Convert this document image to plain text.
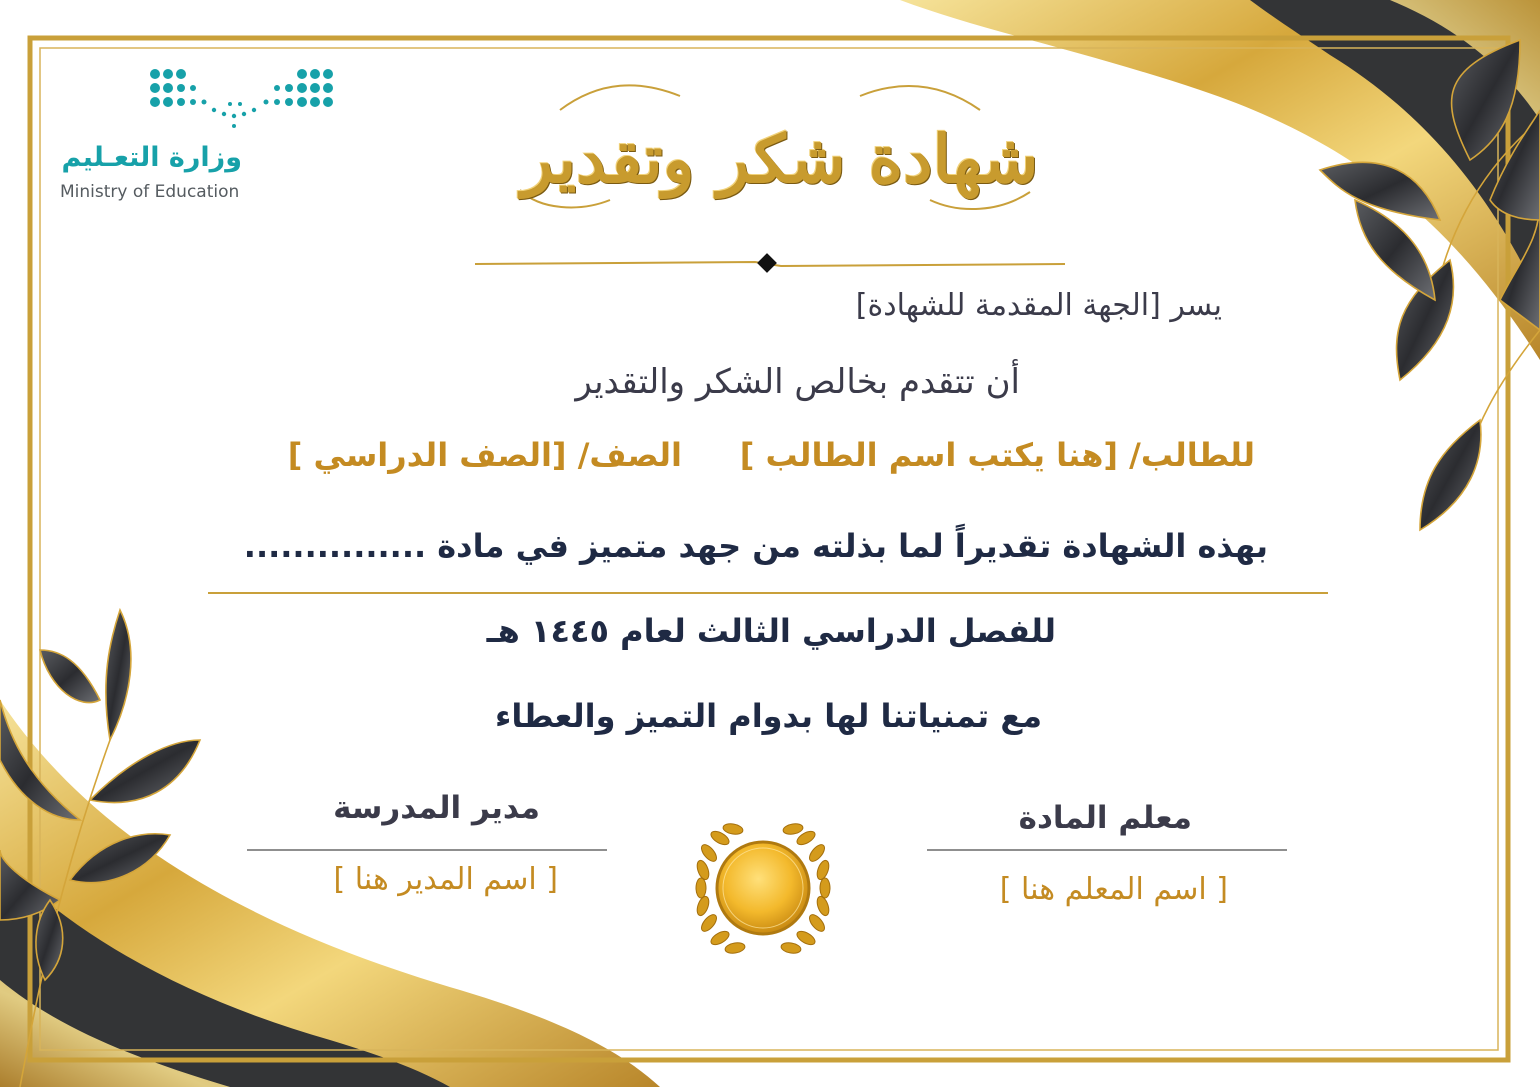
وزارة التعـليم
Ministry of Education	شهادة شكر وتقدير
يسر [الجهة المقدمة للشهادة]
أن تتقدم بخالص الشكر والتقدير
للطالب/ [هنا يكتب اسم الطالب ]
الصف/ [الصف الدراسي ]
بهذه الشهادة تقديراً لما بذلته من جهد متميز في مادة ...............
للفصل الدراسي الثالث لعام ١٤٤٥ هـ
مع تمنياتنا لها بدوام التميز والعطاء
مدير المدرسة
[ اسم المدير هنا ]
معلم المادة
[ اسم المعلم هنا ]
